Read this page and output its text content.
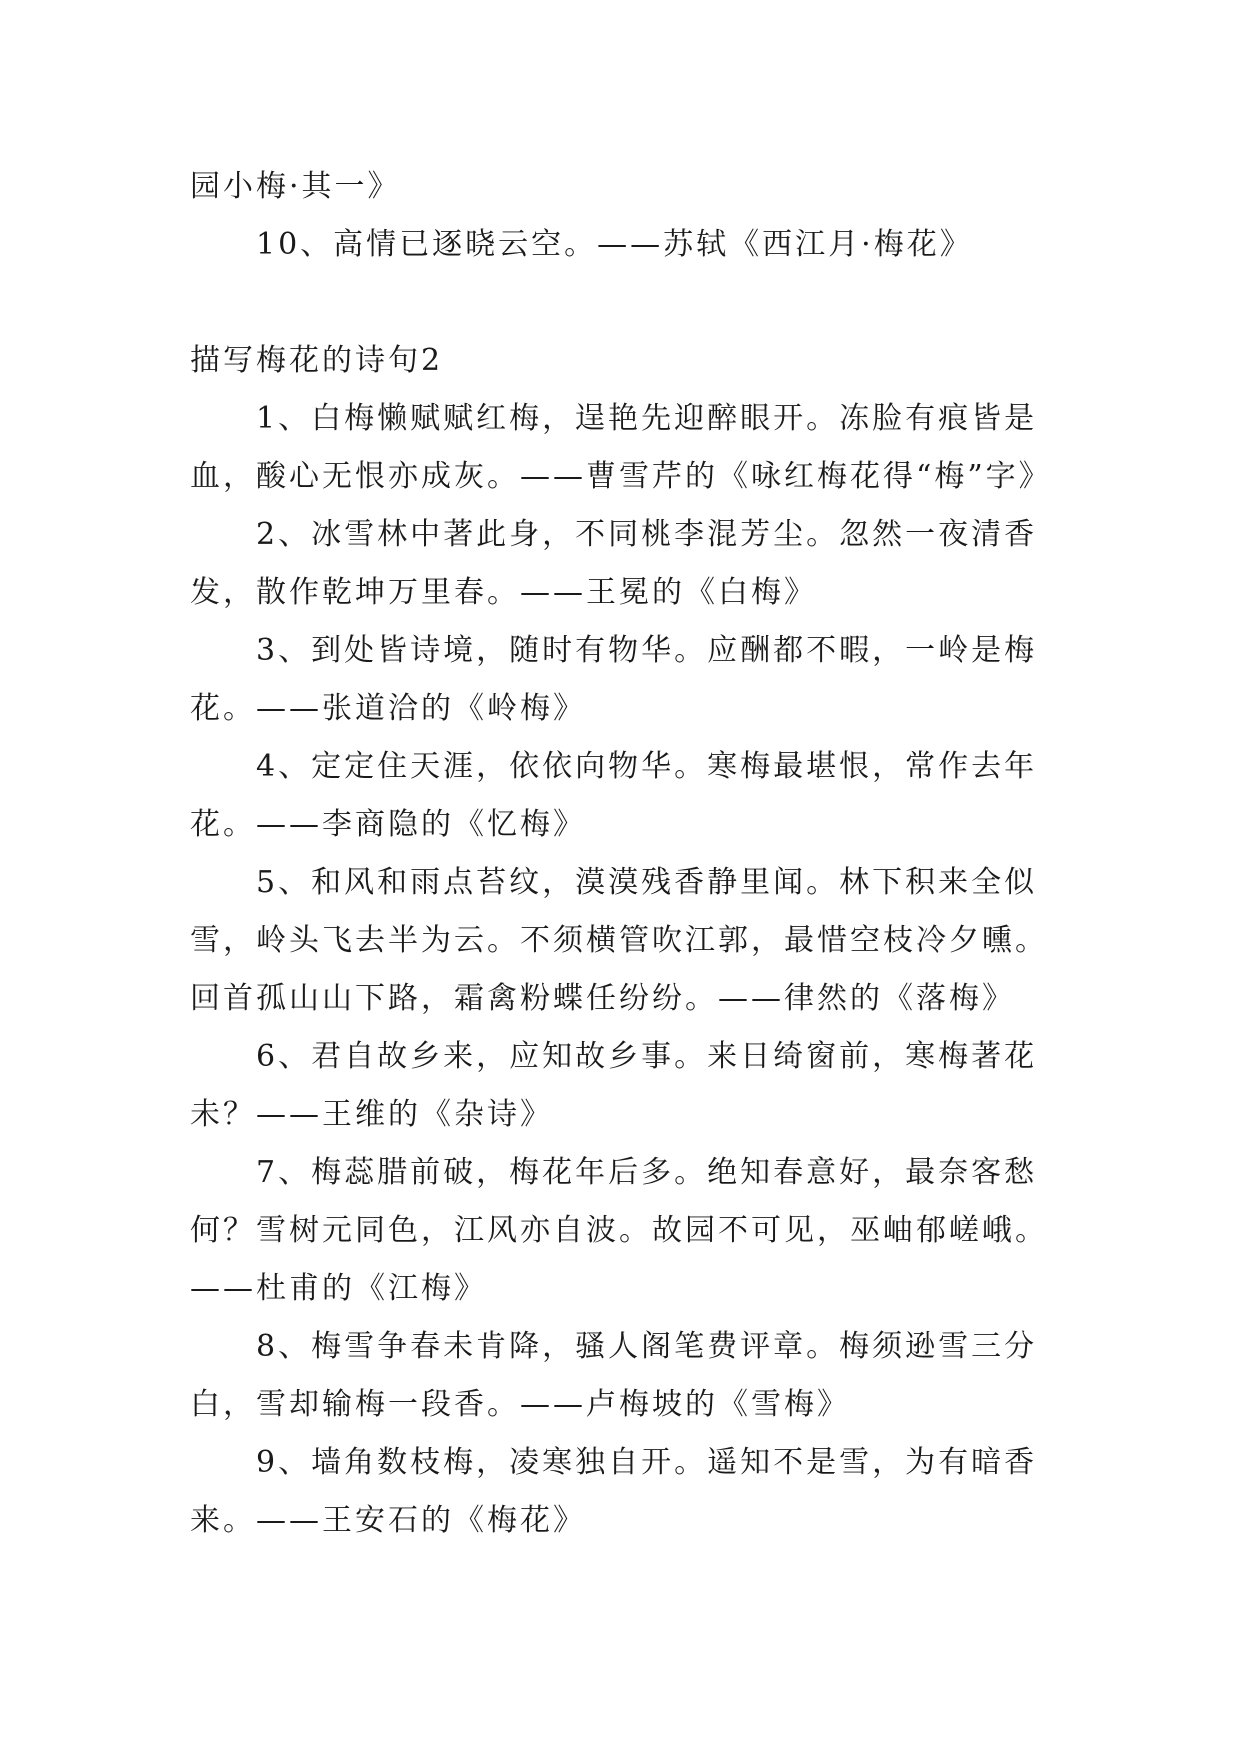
园小梅·其一》
10、高情已逐晓云空。——苏轼《西江月·梅花》
描写梅花的诗句2
1、白梅懒赋赋红梅，逞艳先迎醉眼开。冻脸有痕皆是
血，酸心无恨亦成灰。——曹雪芹的《咏红梅花得“梅”字》
2、冰雪林中著此身，不同桃李混芳尘。忽然一夜清香
发，散作乾坤万里春。——王冕的《白梅》
3、到处皆诗境，随时有物华。应酬都不暇，一岭是梅
花。——张道洽的《岭梅》
4、定定住天涯，依依向物华。寒梅最堪恨，常作去年
花。——李商隐的《忆梅》
5、和风和雨点苔纹，漠漠残香静里闻。林下积来全似
雪，岭头飞去半为云。不须横管吹江郭，最惜空枝冷夕曛。
回首孤山山下路，霜禽粉蝶任纷纷。——律然的《落梅》
6、君自故乡来，应知故乡事。来日绮窗前，寒梅著花
未？——王维的《杂诗》
7、梅蕊腊前破，梅花年后多。绝知春意好，最奈客愁
何？雪树元同色，江风亦自波。故园不可见，巫岫郁嵯峨。
——杜甫的《江梅》
8、梅雪争春未肯降，骚人阁笔费评章。梅须逊雪三分
白，雪却输梅一段香。——卢梅坡的《雪梅》
9、墙角数枝梅，凌寒独自开。遥知不是雪，为有暗香
来。——王安石的《梅花》
